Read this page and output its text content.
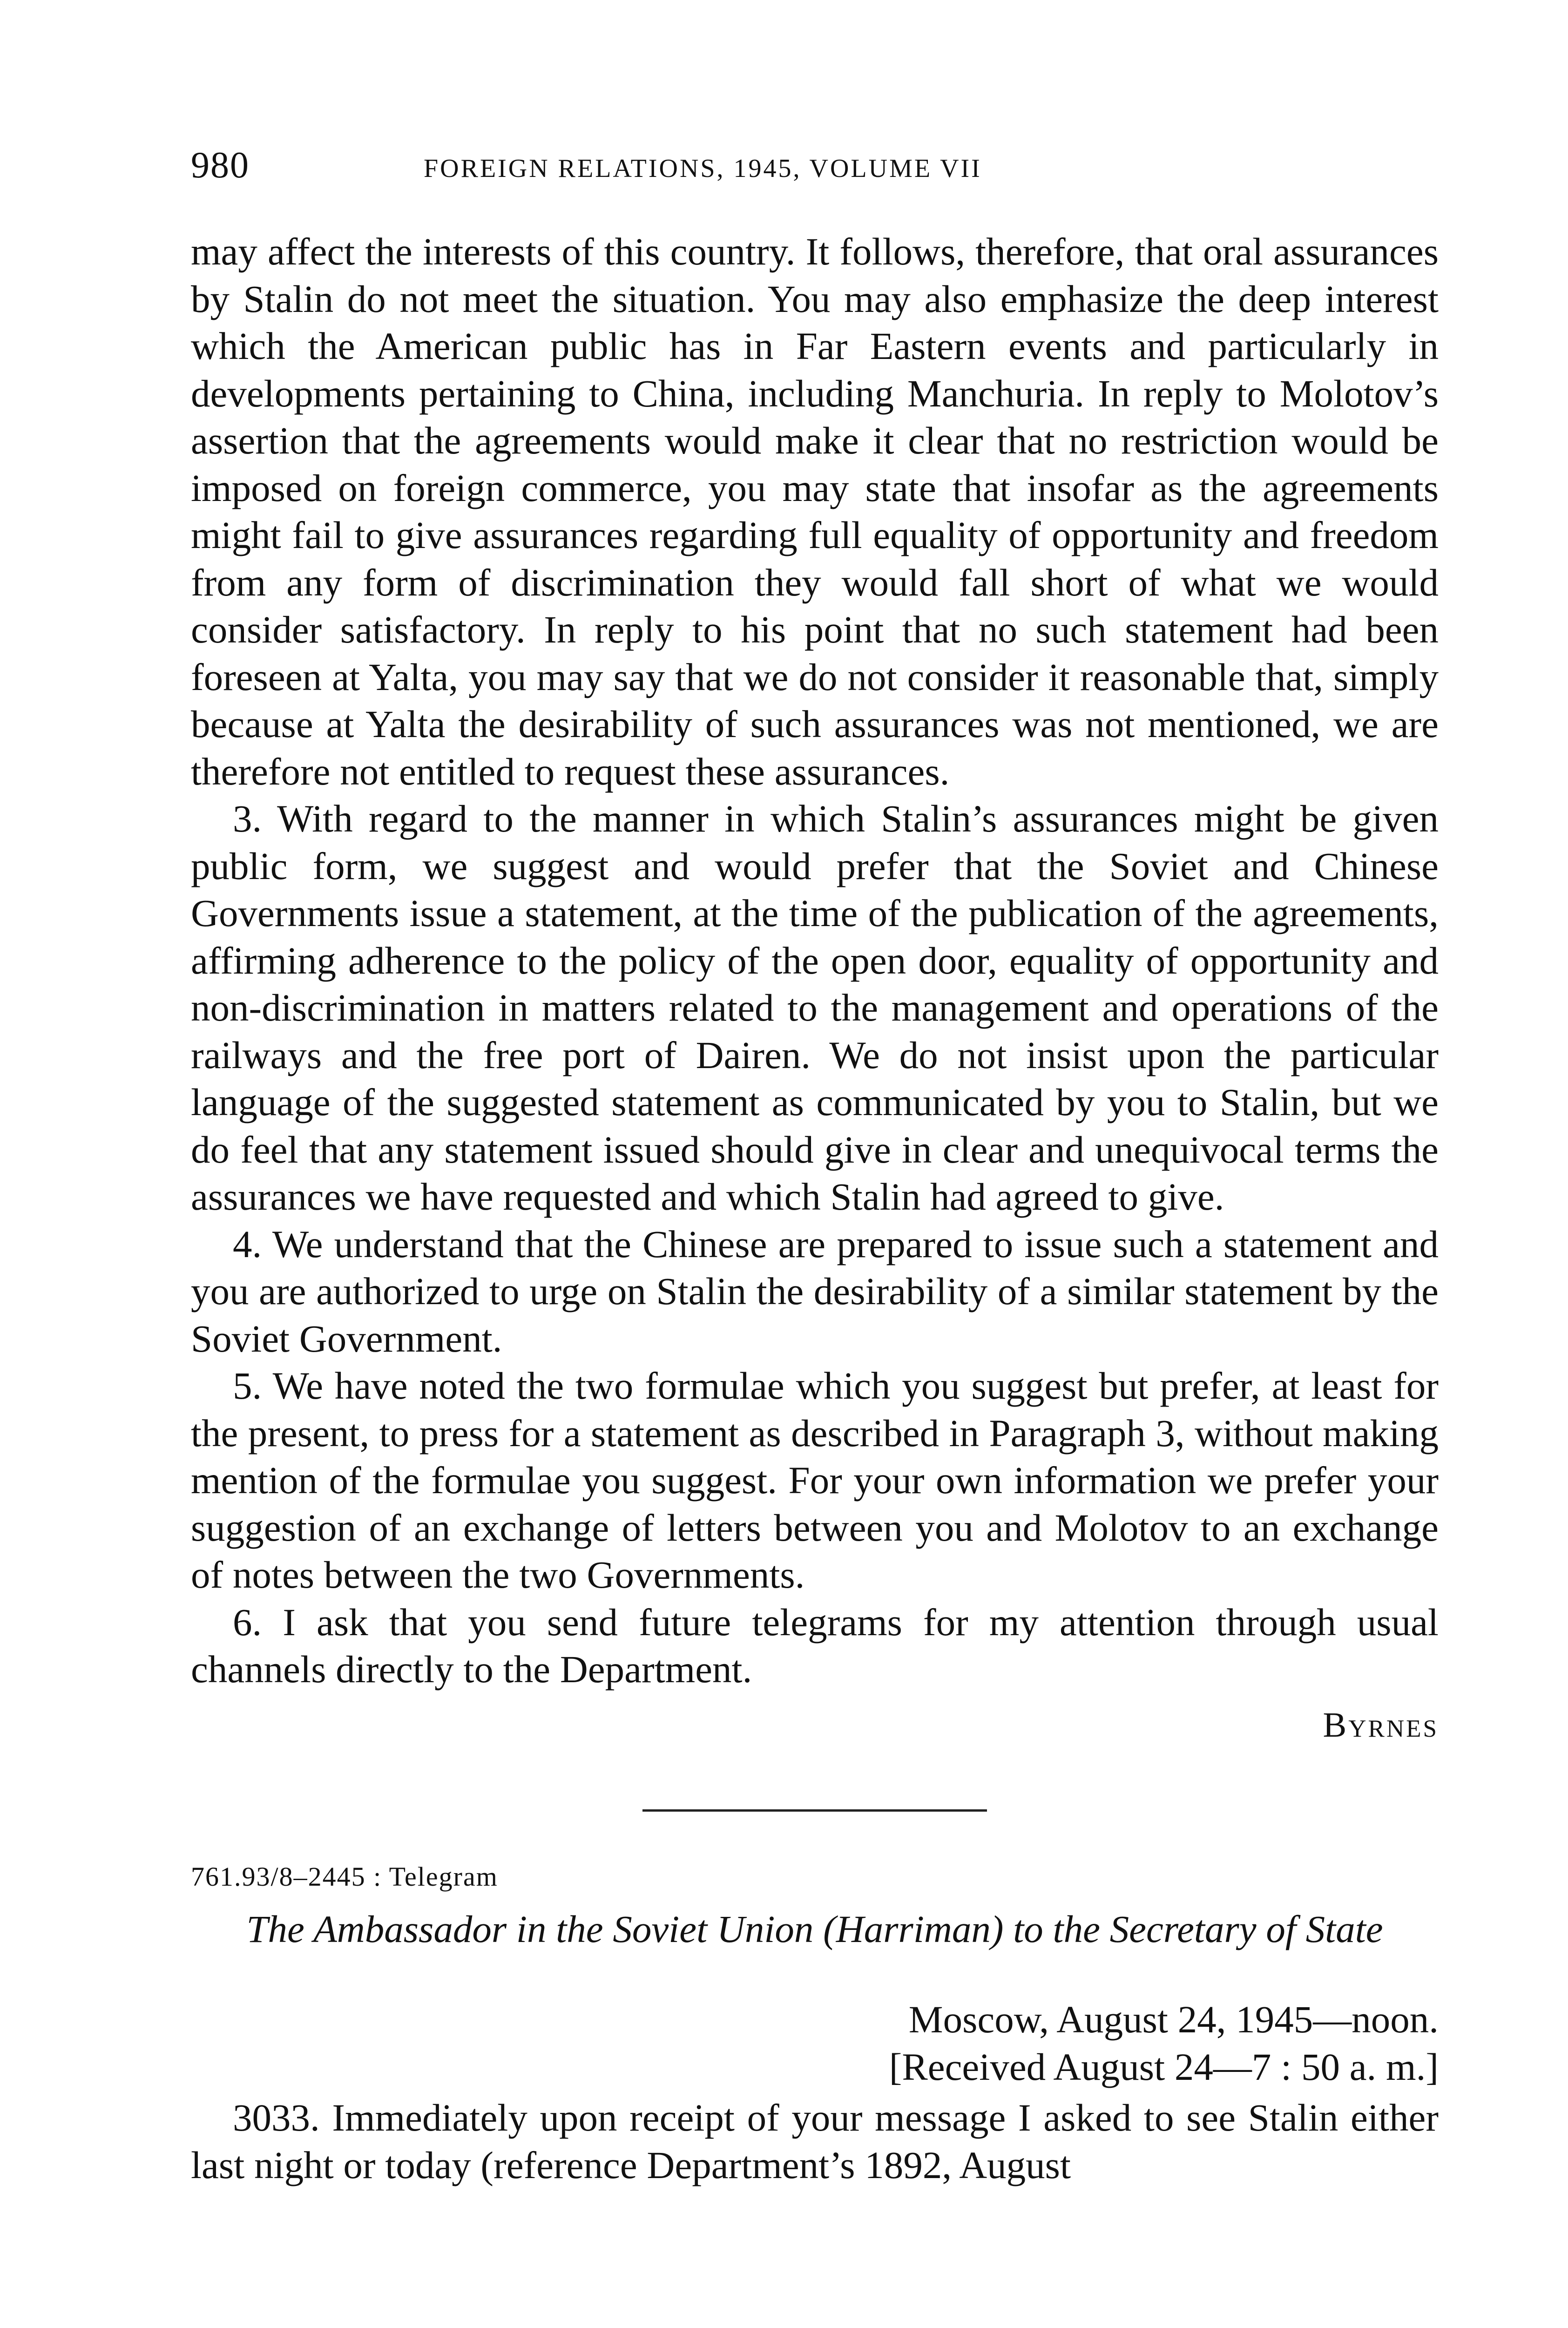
980	FOREIGN RELATIONS, 1945, VOLUME VII

may affect the interests of this country. It follows, therefore, that oral assurances by Stalin do not meet the situation. You may also emphasize the deep interest which the American public has in Far Eastern events and particularly in developments pertaining to China, including Manchuria. In reply to Molotov’s assertion that the agreements would make it clear that no restriction would be imposed on foreign commerce, you may state that insofar as the agreements might fail to give assurances regarding full equality of opportunity and freedom from any form of discrimination they would fall short of what we would consider satisfactory. In reply to his point that no such statement had been foreseen at Yalta, you may say that we do not consider it reasonable that, simply because at Yalta the desirability of such assurances was not mentioned, we are therefore not entitled to request these assurances.

3. With regard to the manner in which Stalin’s assurances might be given public form, we suggest and would prefer that the Soviet and Chinese Governments issue a statement, at the time of the publication of the agreements, affirming adherence to the policy of the open door, equality of opportunity and non-discrimination in matters related to the management and operations of the railways and the free port of Dairen. We do not insist upon the particular language of the suggested statement as communicated by you to Stalin, but we do feel that any statement issued should give in clear and unequivocal terms the assurances we have requested and which Stalin had agreed to give.

4. We understand that the Chinese are prepared to issue such a statement and you are authorized to urge on Stalin the desirability of a similar statement by the Soviet Government.

5. We have noted the two formulae which you suggest but prefer, at least for the present, to press for a statement as described in Paragraph 3, without making mention of the formulae you suggest. For your own information we prefer your suggestion of an exchange of letters between you and Molotov to an exchange of notes between the two Governments.

6. I ask that you send future telegrams for my attention through usual channels directly to the Department.

Byrnes

761.93/8–2445 : Telegram

The Ambassador in the Soviet Union (Harriman) to the Secretary of State

Moscow, August 24, 1945—noon.

[Received August 24—7 : 50 a. m.]

3033. Immediately upon receipt of your message I asked to see Stalin either last night or today (reference Department’s 1892, August
